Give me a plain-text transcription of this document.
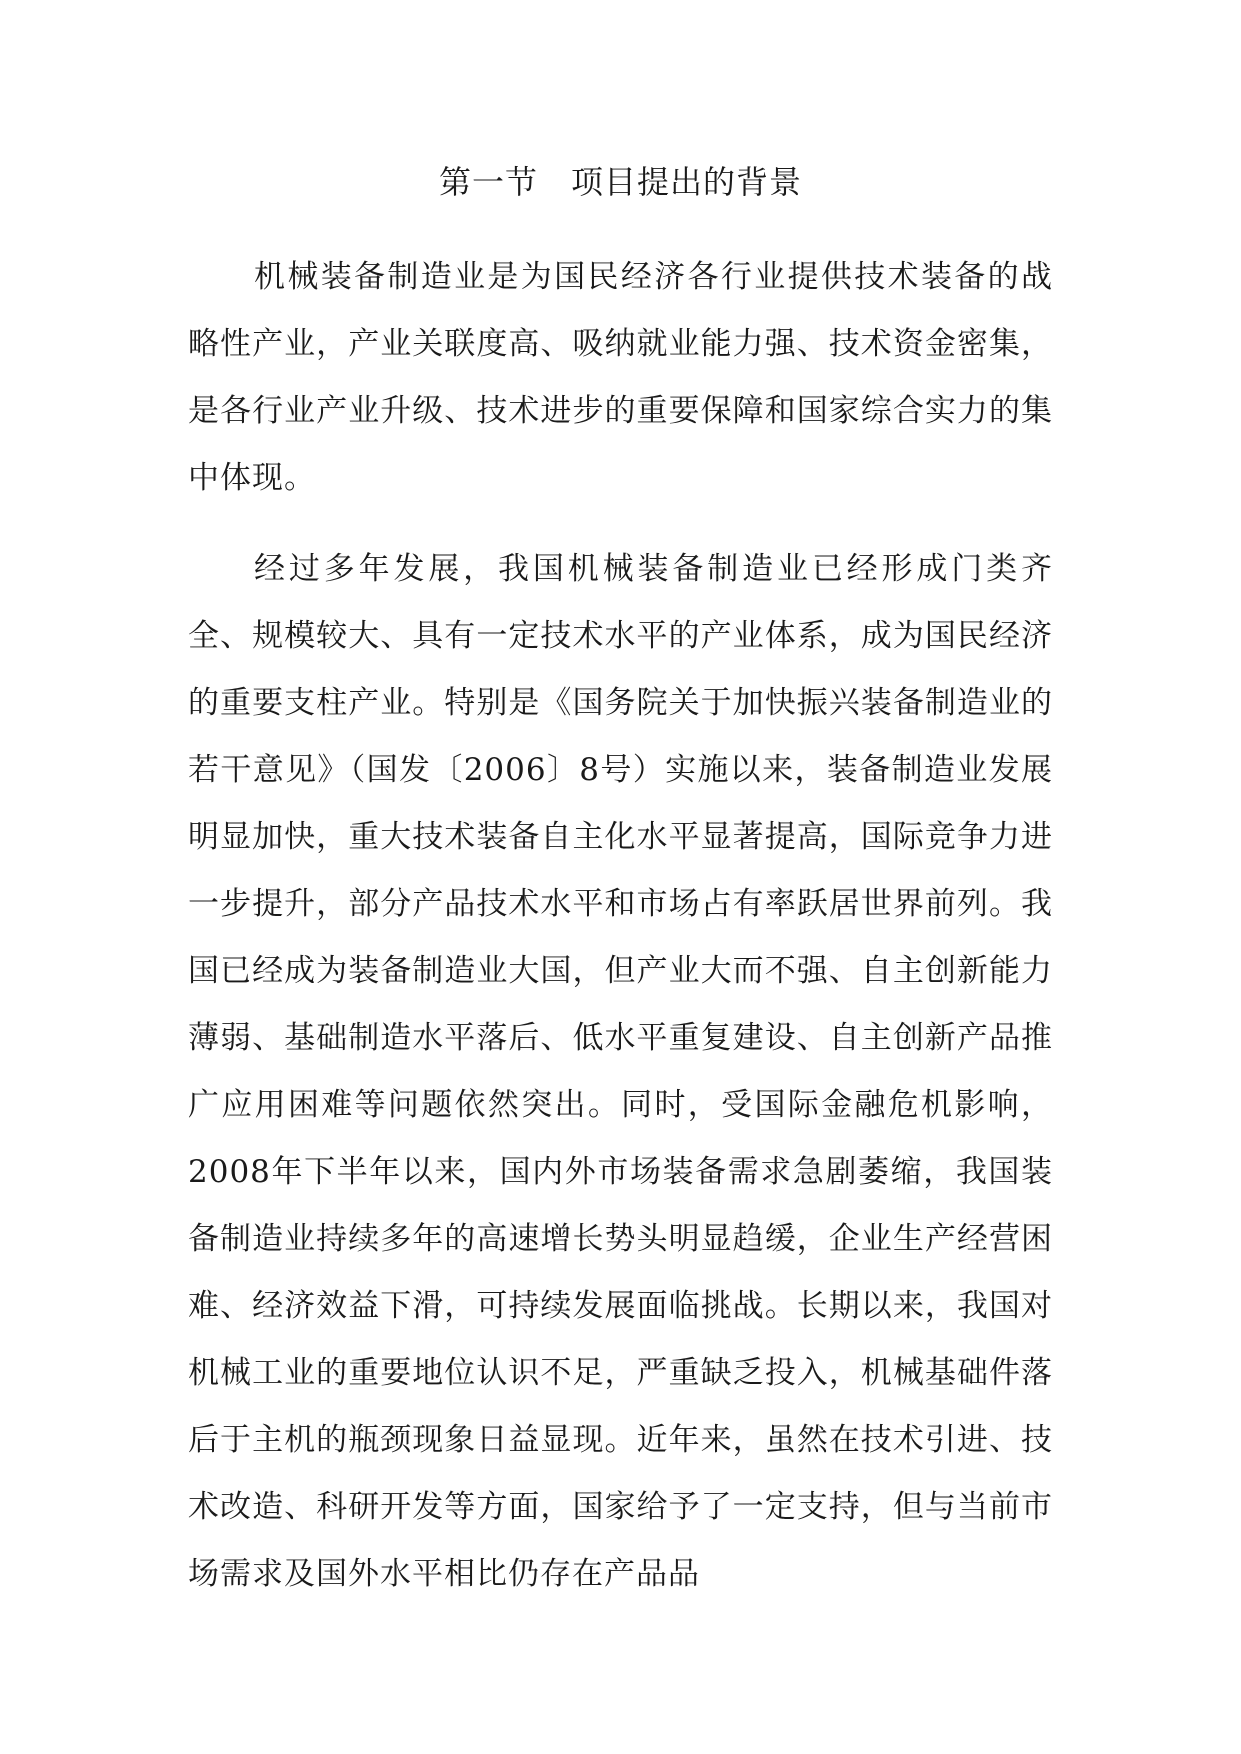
第一节　项目提出的背景

机械装备制造业是为国民经济各行业提供技术装备的战略性产业，产业关联度高、吸纳就业能力强、技术资金密集，是各行业产业升级、技术进步的重要保障和国家综合实力的集中体现。

经过多年发展，我国机械装备制造业已经形成门类齐全、规模较大、具有一定技术水平的产业体系，成为国民经济的重要支柱产业。特别是《国务院关于加快振兴装备制造业的若干意见》（国发〔2006〕8号）实施以来，装备制造业发展明显加快，重大技术装备自主化水平显著提高，国际竞争力进一步提升，部分产品技术水平和市场占有率跃居世界前列。我国已经成为装备制造业大国，但产业大而不强、自主创新能力薄弱、基础制造水平落后、低水平重复建设、自主创新产品推广应用困难等问题依然突出。同时，受国际金融危机影响，2008年下半年以来，国内外市场装备需求急剧萎缩，我国装备制造业持续多年的高速增长势头明显趋缓，企业生产经营困难、经济效益下滑，可持续发展面临挑战。长期以来，我国对机械工业的重要地位认识不足，严重缺乏投入，机械基础件落后于主机的瓶颈现象日益显现。近年来，虽然在技术引进、技术改造、科研开发等方面，国家给予了一定支持，但与当前市场需求及国外水平相比仍存在产品品
